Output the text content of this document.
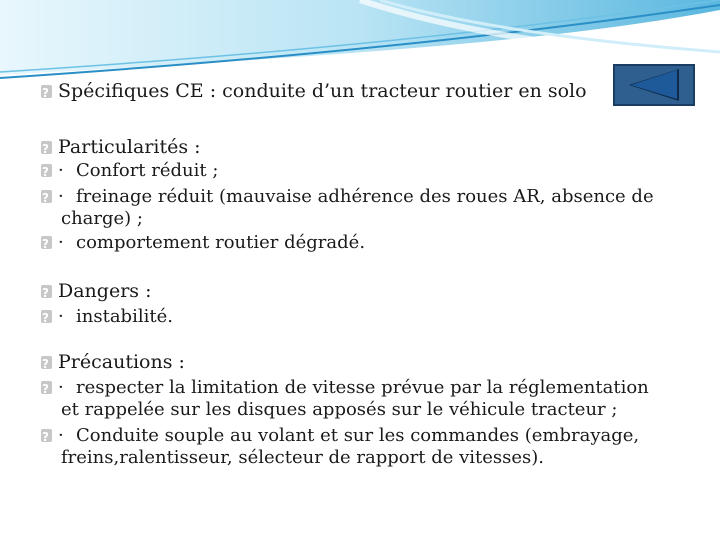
?Spécifiques CE : conduite d’un tracteur routier en solo
?Particularités :
?· Confort réduit ;
?· freinage réduit (mauvaise adhérence des roues AR, absence de
charge) ;
?· comportement routier dégradé.
?Dangers :
?· instabilité.
?Précautions :
?· respecter la limitation de vitesse prévue par la réglementation
et rappelée sur les disques apposés sur le véhicule tracteur ;
?· Conduite souple au volant et sur les commandes (embrayage,
freins,ralentisseur, sélecteur de rapport de vitesses).
